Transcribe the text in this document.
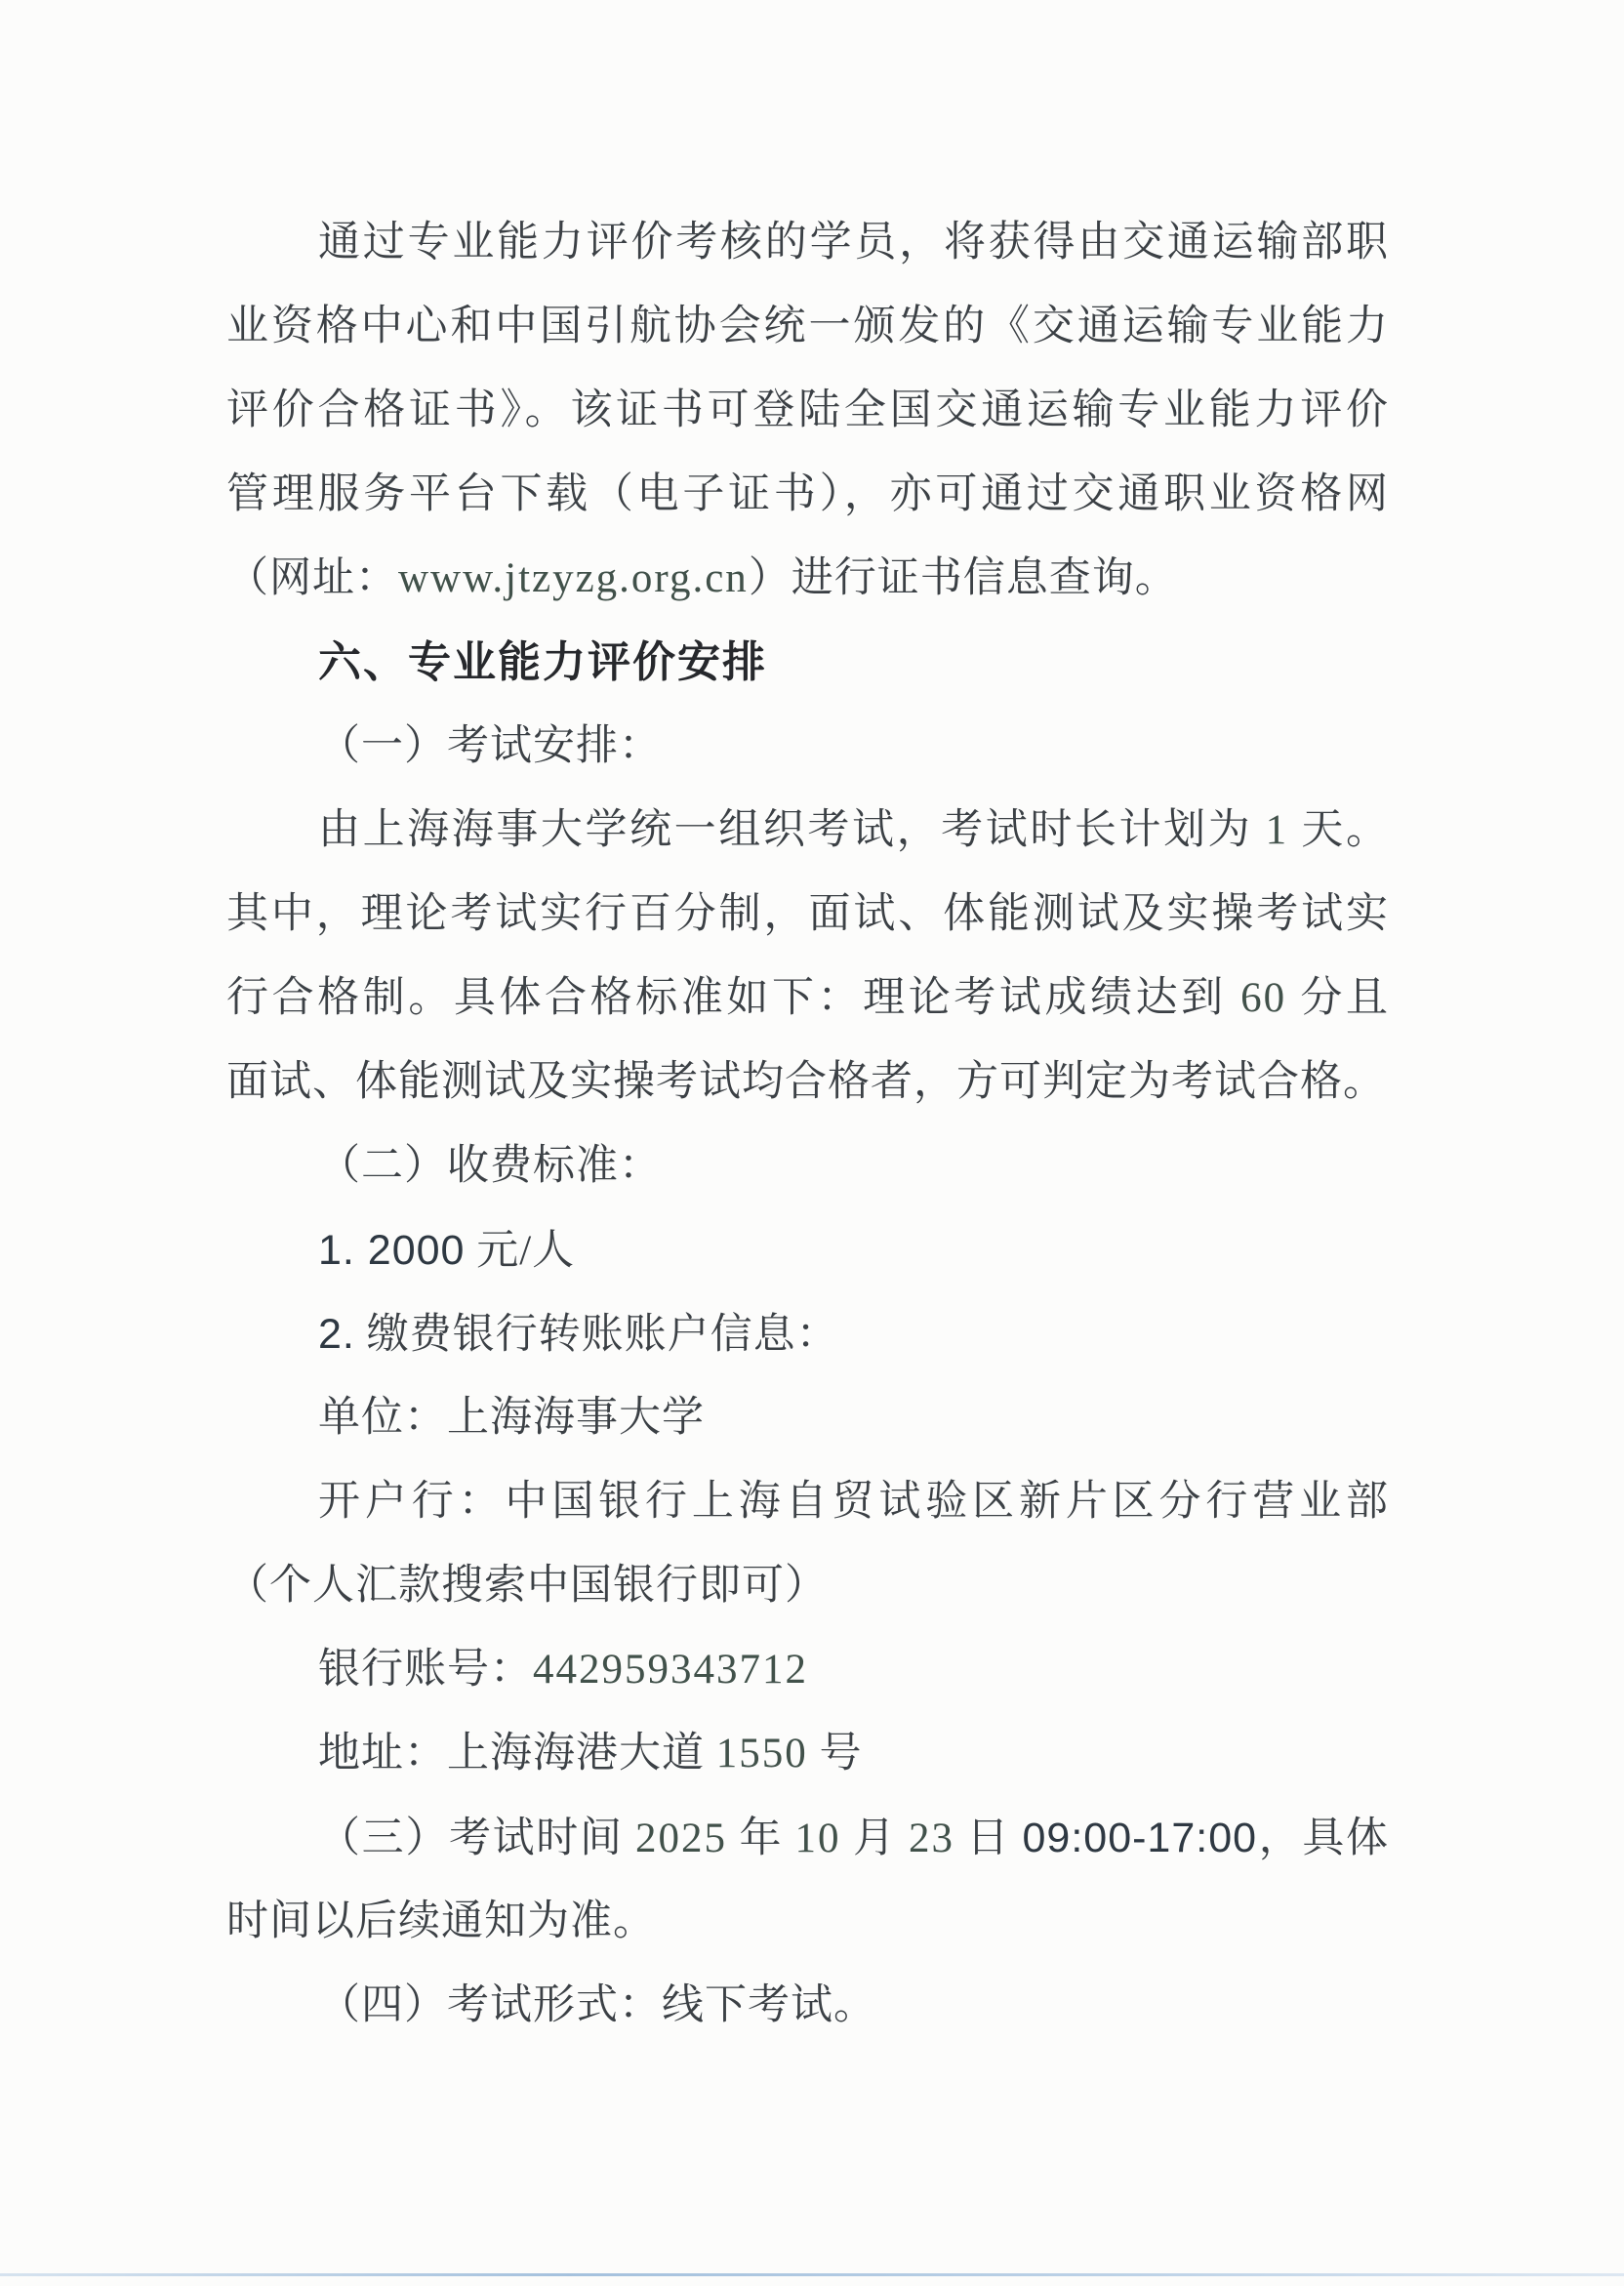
通过专业能力评价考核的学员，将获得由交通运输部职
业资格中心和中国引航协会统一颁发的《交通运输专业能力
评价合格证书》。该证书可登陆全国交通运输专业能力评价
管理服务平台下载（电子证书），亦可通过交通职业资格网
（网址：www.jtzyzg.org.cn）进行证书信息查询。
六、专业能力评价安排
（一）考试安排：
由上海海事大学统一组织考试，考试时长计划为 1 天。
其中，理论考试实行百分制，面试、体能测试及实操考试实
行合格制。具体合格标准如下：理论考试成绩达到 60 分且
面试、体能测试及实操考试均合格者，方可判定为考试合格。
（二）收费标准：
1. 2000 元/人
2. 缴费银行转账账户信息：
单位：上海海事大学
开户行：中国银行上海自贸试验区新片区分行营业部
（个人汇款搜索中国银行即可）
银行账号：442959343712
地址：上海海港大道 1550 号
（三）考试时间 2025 年 10 月 23 日 09:00-17:00，具体
时间以后续通知为准。
（四）考试形式：线下考试。
